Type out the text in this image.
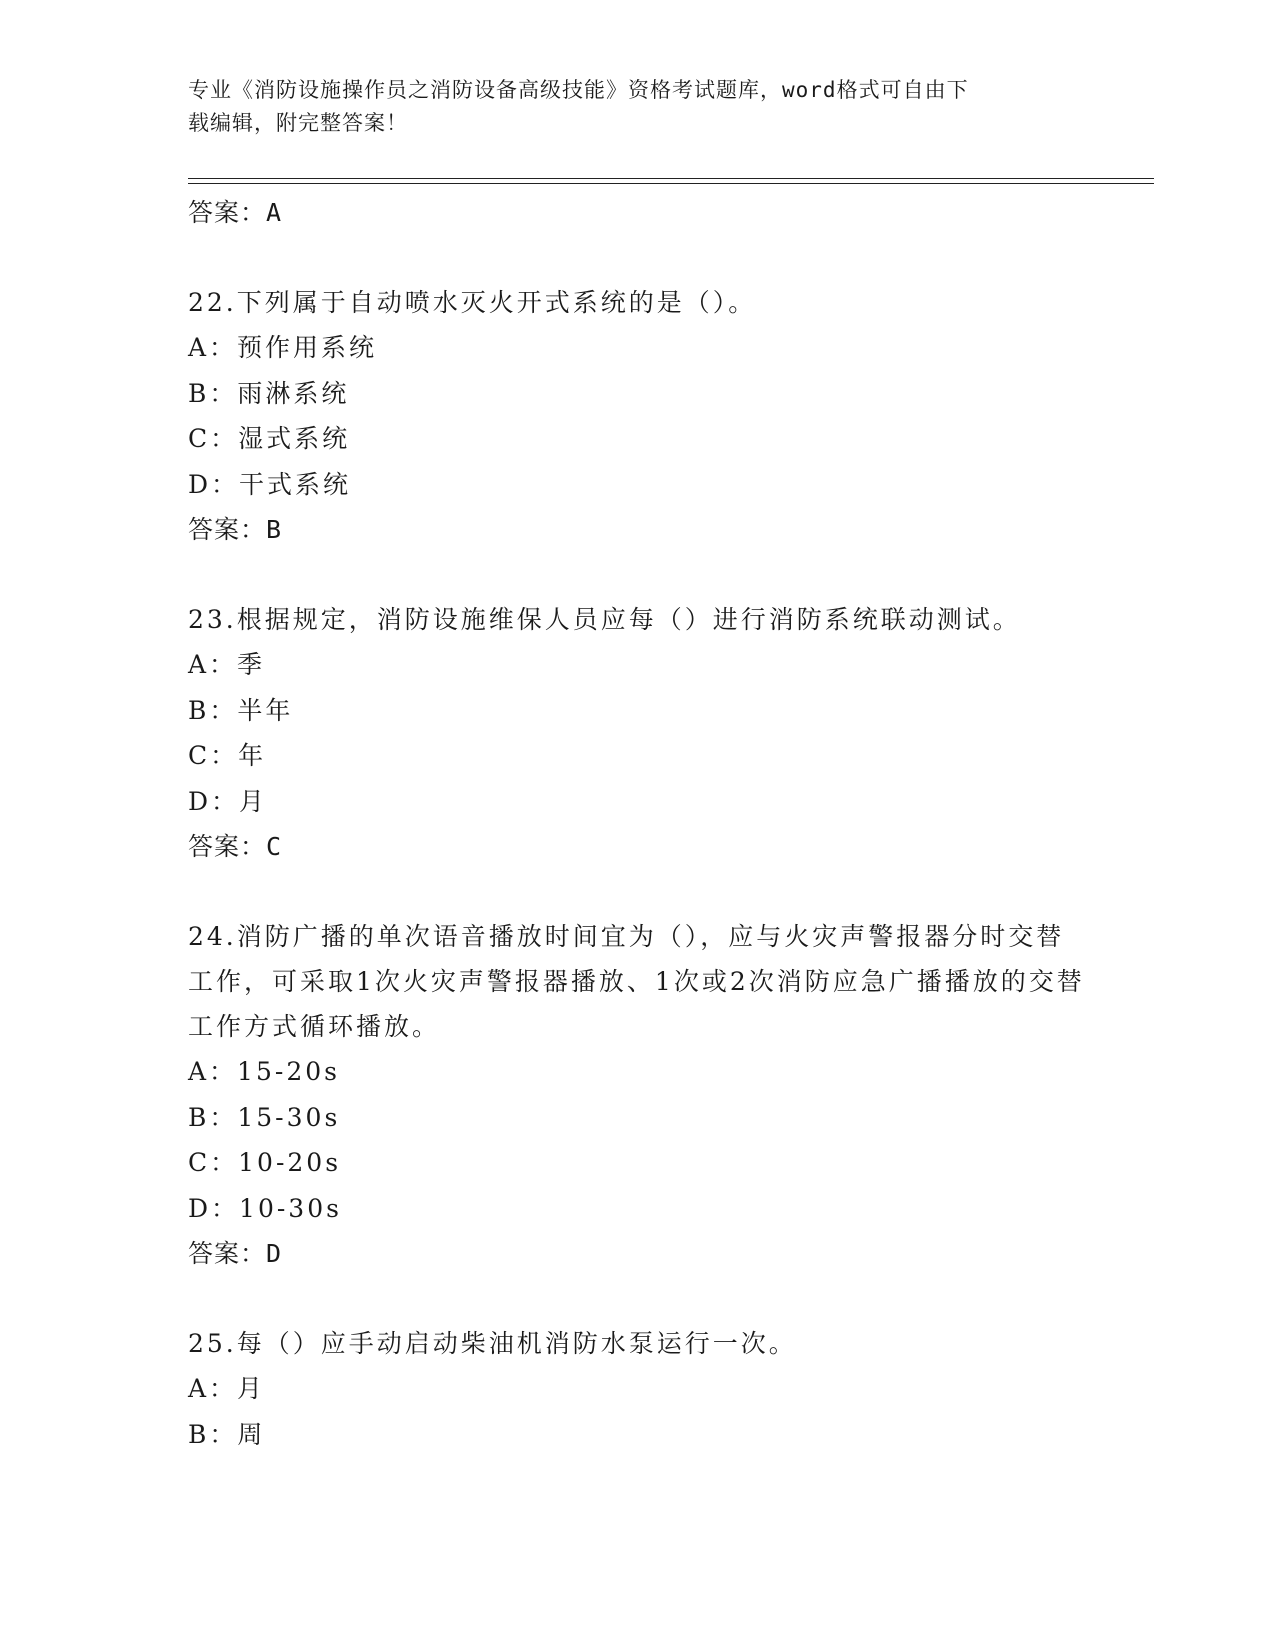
专业《消防设施操作员之消防设备高级技能》资格考试题库，word格式可自由下
载编辑，附完整答案！
答案：A
22.下列属于自动喷水灭火开式系统的是（）。
A：预作用系统
B：雨淋系统
C：湿式系统
D：干式系统
答案：B
23.根据规定，消防设施维保人员应每（）进行消防系统联动测试。
A：季
B：半年
C：年
D：月
答案：C
24.消防广播的单次语音播放时间宜为（），应与火灾声警报器分时交替工作，可采取1次火灾声警报器播放、1次或2次消防应急广播播放的交替工作方式循环播放。
A：15-20s
B：15-30s
C：10-20s
D：10-30s
答案：D
25.每（）应手动启动柴油机消防水泵运行一次。
A：月
B：周
